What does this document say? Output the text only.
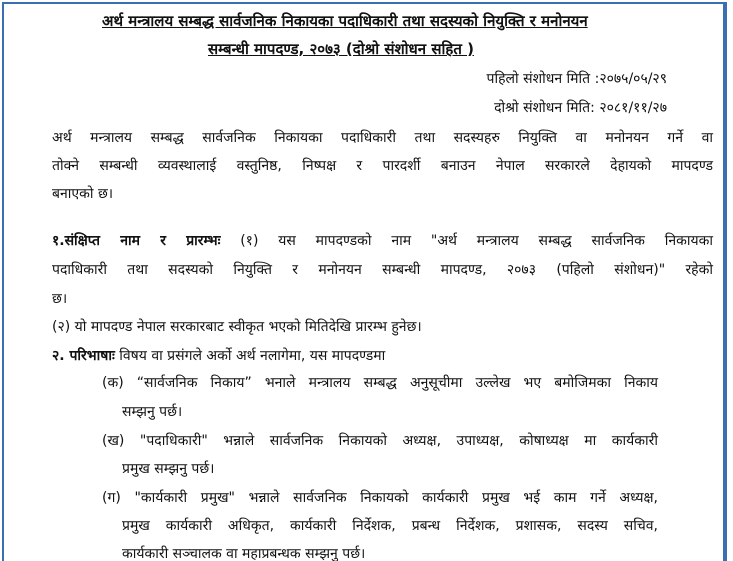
अर्थ मन्त्रालय सम्बद्ध सार्वजनिक निकायका पदाधिकारी तथा सदस्यको नियुक्ति र मनोनयन
सम्बन्धी मापदण्ड, २०७३ (दोश्रो संशोधन सहित )
पहिलो संशोधन मिति :२०७५/०५/२९
दोश्रो संशोधन मिति: २०८१/११/२७
अर्थ मन्त्रालय सम्बद्ध सार्वजनिक निकायका पदाधिकारी तथा सदस्यहरु नियुक्ति वा मनोनयन गर्ने वा
तोक्ने सम्बन्धी व्यवस्थालाई वस्तुनिष्ठ, निष्पक्ष र पारदर्शी बनाउन नेपाल सरकारले देहायको मापदण्ड
बनाएको छ।
१.संक्षिप्त नाम र प्रारम्भः (१) यस मापदण्डको नाम "अर्थ मन्त्रालय सम्बद्ध सार्वजनिक निकायका
पदाधिकारी तथा सदस्यको नियुक्ति र मनोनयन सम्बन्धी मापदण्ड, २०७३ (पहिलो संशोधन)" रहेको
छ।
(२) यो मापदण्ड नेपाल सरकारबाट स्वीकृत भएको मितिदेखि प्रारम्भ हुनेछ।
२. परिभाषाः विषय वा प्रसंगले अर्को अर्थ नलागेमा, यस मापदण्डमा
(क) “सार्वजनिक निकाय” भनाले मन्त्रालय सम्बद्ध अनुसूचीमा उल्लेख भए बमोजिमका निकाय
सम्झनु पर्छ।
(ख) "पदाधिकारी" भन्नाले सार्वजनिक निकायको अध्यक्ष, उपाध्यक्ष, कोषाध्यक्ष मा कार्यकारी
प्रमुख सम्झनु पर्छ।
(ग) "कार्यकारी प्रमुख" भन्नाले सार्वजनिक निकायको कार्यकारी प्रमुख भई काम गर्ने अध्यक्ष,
प्रमुख कार्यकारी अधिकृत, कार्यकारी निर्देशक, प्रबन्ध निर्देशक, प्रशासक, सदस्य सचिव,
कार्यकारी सञ्चालक वा महाप्रबन्धक सम्झनु पर्छ।
